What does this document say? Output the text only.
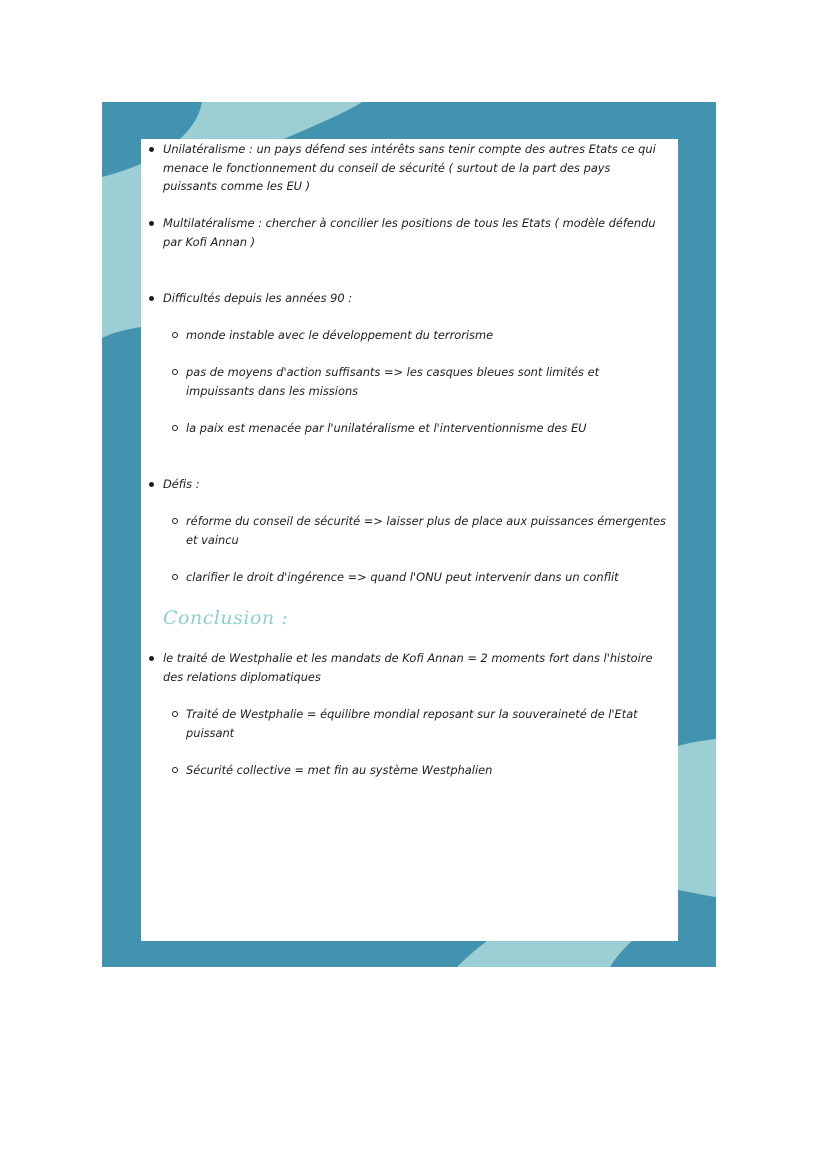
Unilatéralisme : un pays défend ses intérêts sans tenir compte des autres Etats ce qui menace le fonctionnement du conseil de sécurité ( surtout de la part des pays puissants comme les EU )
Multilatéralisme : chercher à concilier les positions de tous les Etats ( modèle défendu par Kofi Annan )
Difficultés depuis les années 90 :
monde instable avec le développement du terrorisme
pas de moyens d'action suffisants => les casques bleues sont limités et impuissants dans les missions
la paix est menacée par l'unilatéralisme et l'interventionnisme des EU
Défis :
réforme du conseil de sécurité => laisser plus de place aux puissances émergentes et vaincu
clarifier le droit d'ingérence => quand l'ONU peut intervenir dans un conflit
Conclusion :
le traité de Westphalie et les mandats de Kofi Annan = 2 moments fort dans l'histoire des relations diplomatiques
Traité de Westphalie = équilibre mondial reposant sur la souveraineté de l'Etat puissant
Sécurité collective = met fin au système Westphalien
